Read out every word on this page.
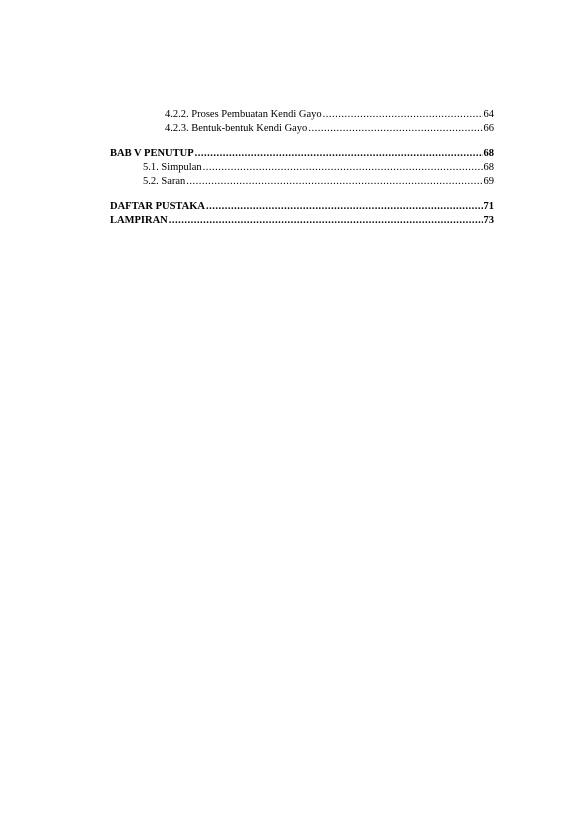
4.2.2. Proses Pembuatan Kendi Gayo .....	64
4.2.3. Bentuk-bentuk Kendi Gayo .....	66
BAB V PENUTUP .....	68
5.1. Simpulan .....	68
5.2. Saran .....	69
DAFTAR PUSTAKA .....	71
LAMPIRAN .....	73
